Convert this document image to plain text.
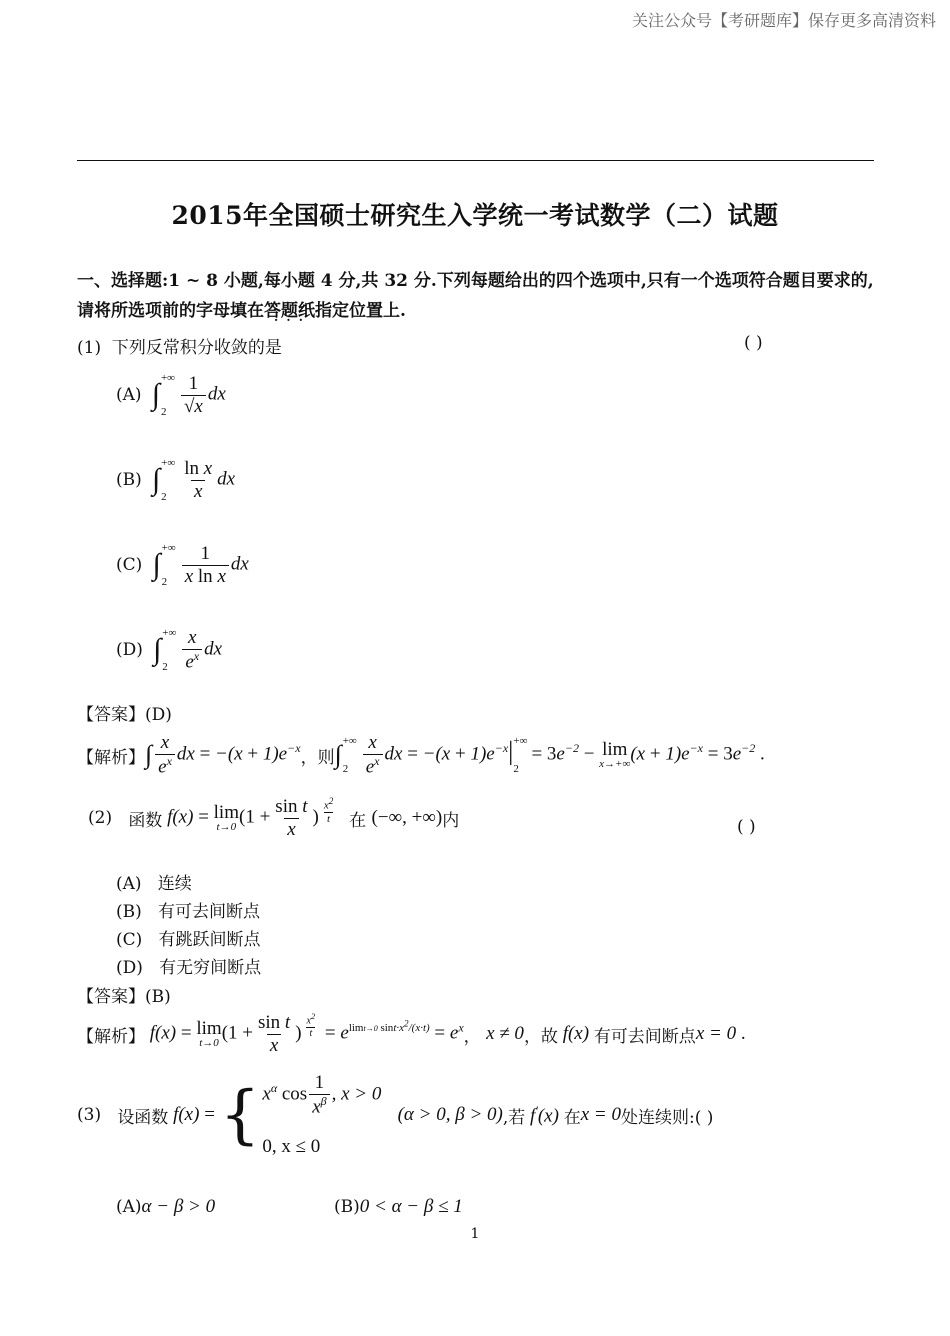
关注公众号【考研题库】保存更多高清资料
2015年全国硕士研究生入学统一考试数学（二）试题
一、选择题:1 ~ 8 小题,每小题 4 分,共 32 分.下列每题给出的四个选项中,只有一个选项符合题目要求的,请将所选项前的字母填在答题纸 · · ·指定位置上.
(1) 下列反常积分收敛的是	( )
(A)
∫ +∞
$2 \frac{1}{√x}$ dx
(B)
∫ +∞
$2 \frac{\text{ln x}}{x}$ dx
(C)
∫ +∞
$2 \frac{1}{\text{x ln x}}$ dx
(D)
∫ +∞
$2 \frac{x}{e^x}$ dx
【答案】(D)
【解析】 ∫ $\frac{x}{e^x}$ dx = $-(x + 1)e^{-x}$ ， 则 ∫ +∞
$2 \frac{x}{e^x}$ dx = $-(x + 1)e^{-x}|$ +∞
2
= $3e^{-2} - \lim$
x→+∞ $(x + 1)e^{-x} = 3e^{-2}$ .
(2)
函数 f(x) = lim
t→0 ($1 + \frac{\text{sin t}}{x}$ ) $\frac{x^2}{t}$
在
(−∞, +∞) 内	( )
(A) 连续
(B) 有可去间断点
(C) 有跳跃间断点
(D) 有无穷间断点
【答案】(B)
【解析】 f(x) = lim
t→0 ($1 + \frac{\text{sin t}}{x}$ ) $\frac{x^2}{t} = e^{limt\to 0 sint\cdot x^2/(x\cdot t)} = e^x$ ，
x ≠ 0 ，故 f(x) 有可去间断点 x = 0 .
(3)
设函数 f(x) = { $x^\alpha$ $\cos \frac{1}{x^\beta}$ , x > 0
0, x ≤ 0

(α > 0, β > 0) ,若 f'(x) 在 x = 0 处连续则:( )
(A)α − β > 0	(B)0 < α − β ≤ 1
1
